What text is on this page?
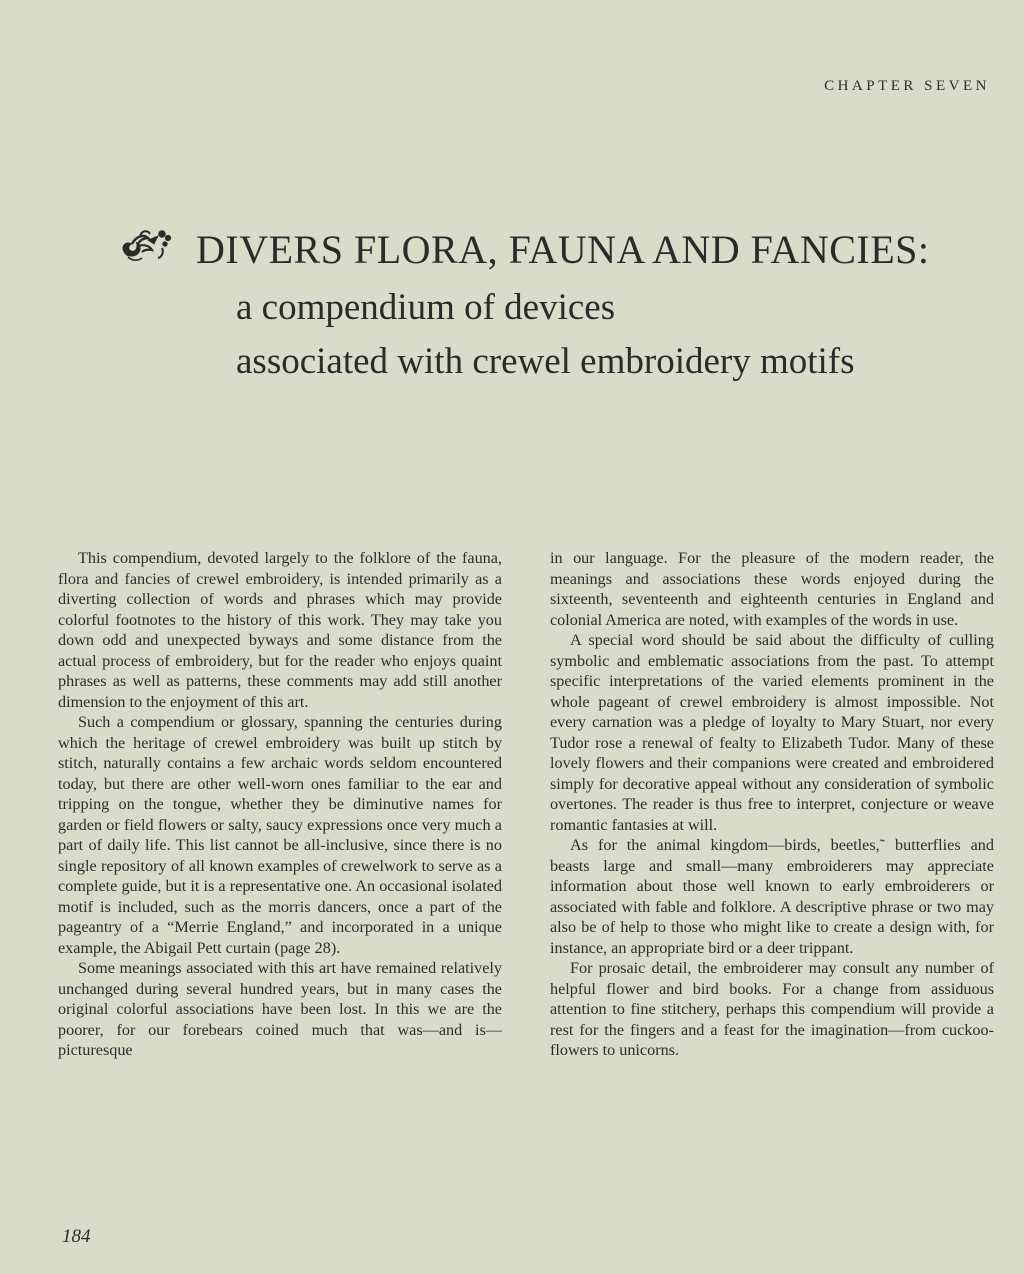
CHAPTER SEVEN
DIVERS FLORA, FAUNA AND FANCIES:
a compendium of devices
associated with crewel embroidery motifs

This compendium, devoted largely to the folklore of the fauna, flora and fancies of crewel embroidery, is intended primarily as a diverting collection of words and phrases which may provide colorful footnotes to the history of this work. They may take you down odd and unexpected byways and some distance from the actual process of embroidery, but for the reader who enjoys quaint phrases as well as patterns, these comments may add still another dimension to the enjoyment of this art.

Such a compendium or glossary, spanning the centuries during which the heritage of crewel embroidery was built up stitch by stitch, naturally contains a few archaic words seldom encountered today, but there are other well-worn ones familiar to the ear and tripping on the tongue, whether they be diminutive names for garden or field flowers or salty, saucy expressions once very much a part of daily life. This list cannot be all-inclusive, since there is no single repository of all known examples of crewelwork to serve as a complete guide, but it is a representative one. An occasional isolated motif is included, such as the morris dancers, once a part of the pageantry of a “Merrie England,” and incorporated in a unique example, the Abigail Pett curtain (page 28).

Some meanings associated with this art have remained relatively unchanged during several hundred years, but in many cases the original colorful associations have been lost. In this we are the poorer, for our forebears coined much that was—and is—picturesque

in our language. For the pleasure of the modern reader, the meanings and associations these words enjoyed during the sixteenth, seventeenth and eighteenth centuries in England and colonial America are noted, with examples of the words in use.

A special word should be said about the difficulty of culling symbolic and emblematic associations from the past. To attempt specific interpretations of the varied elements prominent in the whole pageant of crewel embroidery is almost impossible. Not every carnation was a pledge of loyalty to Mary Stuart, nor every Tudor rose a renewal of fealty to Elizabeth Tudor. Many of these lovely flowers and their companions were created and embroidered simply for decorative appeal without any consideration of symbolic overtones. The reader is thus free to interpret, conjecture or weave romantic fantasies at will.

As for the animal kingdom—birds, beetles,˜ butterflies and beasts large and small—many embroiderers may appreciate information about those well known to early embroiderers or associated with fable and folklore. A descriptive phrase or two may also be of help to those who might like to create a design with, for instance, an appropriate bird or a deer trippant.

For prosaic detail, the embroiderer may consult any number of helpful flower and bird books. For a change from assiduous attention to fine stitchery, perhaps this compendium will provide a rest for the fingers and a feast for the imagination—from cuckoo-flowers to unicorns.

184
